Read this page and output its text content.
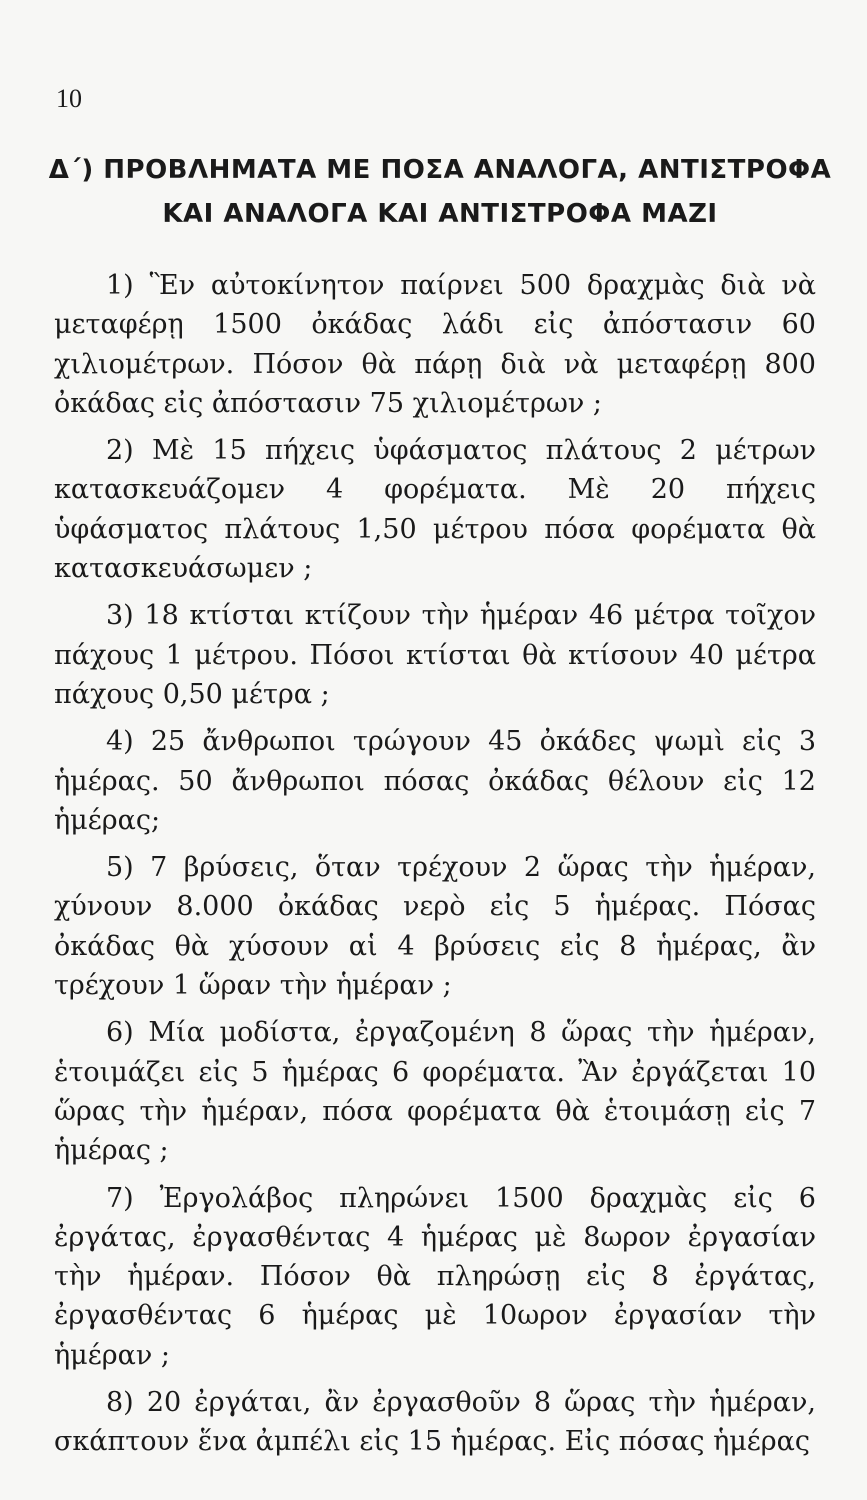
10
Δ΄) ΠΡΟΒΛΗΜΑΤΑ ΜΕ ΠΟΣΑ ΑΝΑΛΟΓΑ, ΑΝΤΙΣΤΡΟΦΑ
ΚΑΙ ΑΝΑΛΟΓΑ ΚΑΙ ΑΝΤΙΣΤΡΟΦΑ ΜΑΖΙ

1) Ἓν αὐτοκίνητον παίρνει 500 δραχμὰς διὰ νὰ μεταφέρῃ 1500 ὀκάδας λάδι εἰς ἀπόστασιν 60 χιλιομέτρων. Πόσον θὰ πάρῃ διὰ νὰ μεταφέρῃ 800 ὀκάδας εἰς ἀπόστασιν 75 χιλιομέτρων ;

2) Μὲ 15 πήχεις ὑφάσματος πλάτους 2 μέτρων κατασκευάζομεν 4 φορέματα. Μὲ 20 πήχεις ὑφάσματος πλάτους 1,50 μέτρου πόσα φορέματα θὰ κατασκευάσωμεν ;

3) 18 κτίσται κτίζουν τὴν ἡμέραν 46 μέτρα τοῖχον πάχους 1 μέτρου. Πόσοι κτίσται θὰ κτίσουν 40 μέτρα πάχους 0,50 μέτρα ;

4) 25 ἄνθρωποι τρώγουν 45 ὀκάδες ψωμὶ εἰς 3 ἡμέρας. 50 ἄνθρωποι πόσας ὀκάδας θέλουν εἰς 12 ἡμέρας;

5) 7 βρύσεις, ὅταν τρέχουν 2 ὥρας τὴν ἡμέραν, χύνουν 8.000 ὀκάδας νερὸ εἰς 5 ἡμέρας. Πόσας ὀκάδας θὰ χύσουν αἱ 4 βρύσεις εἰς 8 ἡμέρας, ἂν τρέχουν 1 ὥραν τὴν ἡμέραν ;

6) Μία μοδίστα, ἐργαζομένη 8 ὥρας τὴν ἡμέραν, ἑτοιμάζει εἰς 5 ἡμέρας 6 φορέματα. Ἂν ἐργάζεται 10 ὥρας τὴν ἡμέραν, πόσα φορέματα θὰ ἑτοιμάσῃ εἰς 7 ἡμέρας ;

7) Ἐργολάβος πληρώνει 1500 δραχμὰς εἰς 6 ἐργάτας, ἐργασθέντας 4 ἡμέρας μὲ 8ωρον ἐργασίαν τὴν ἡμέραν. Πόσον θὰ πληρώσῃ εἰς 8 ἐργάτας, ἐργασθέντας 6 ἡμέρας μὲ 10ωρον ἐργασίαν τὴν ἡμέραν ;

8) 20 ἐργάται, ἂν ἐργασθοῦν 8 ὥρας τὴν ἡμέραν, σκάπτουν ἕνα ἀμπέλι εἰς 15 ἡμέρας. Εἰς πόσας ἡμέρας
